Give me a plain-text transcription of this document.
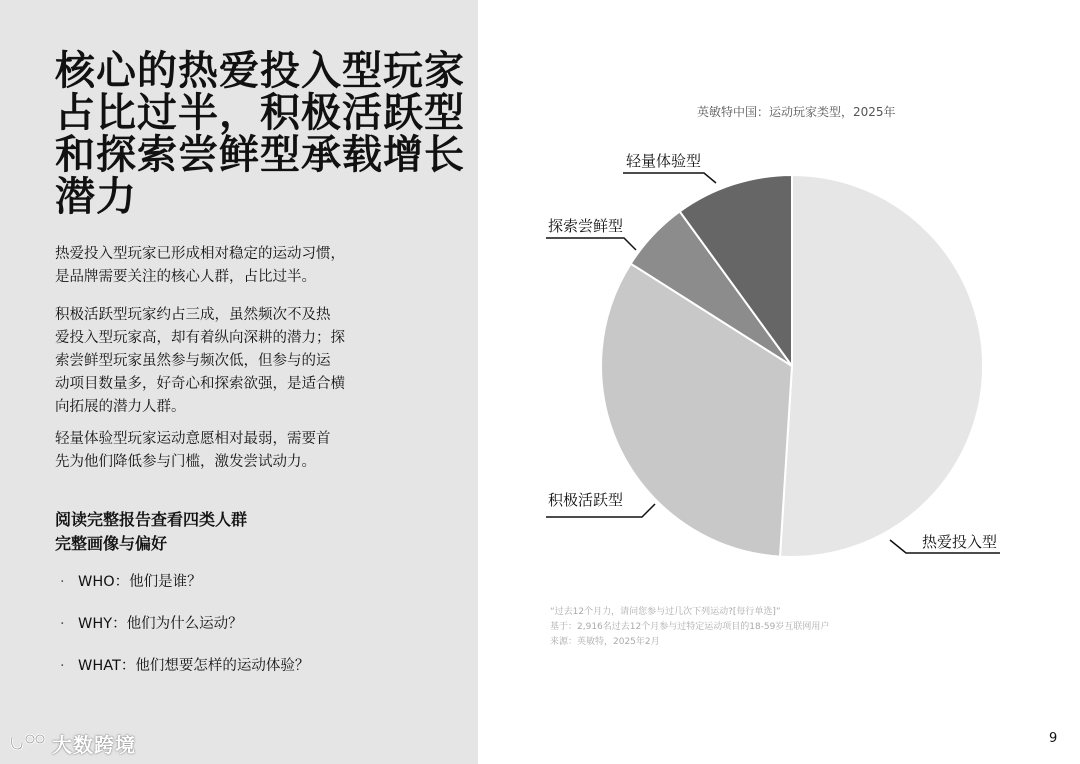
核心的热爱投入型玩家
占比过半，积极活跃型
和探索尝鲜型承载增长
潜力

热爱投入型玩家已形成相对稳定的运动习惯，
是品牌需要关注的核心人群，占比过半。

积极活跃型玩家约占三成，虽然频次不及热
爱投入型玩家高，却有着纵向深耕的潜力；探
索尝鲜型玩家虽然参与频次低，但参与的运
动项目数量多，好奇心和探索欲强，是适合横
向拓展的潜力人群。

轻量体验型玩家运动意愿相对最弱，需要首
先为他们降低参与门槛，激发尝试动力。

阅读完整报告查看四类人群
完整画像与偏好

· WHO：他们是谁？
· WHY：他们为什么运动？
· WHAT：他们想要怎样的运动体验？
大数跨境
英敏特中国：运动玩家类型，2025年
热爱投入型
积极活跃型
探索尝鲜型
轻量体验型

“过去12个月力，请问您参与过几次下列运动?[每行单选]”
基于：2,916名过去12个月参与过特定运动项目的18-59岁互联网用户
来源：英敏特，2025年2月

9
